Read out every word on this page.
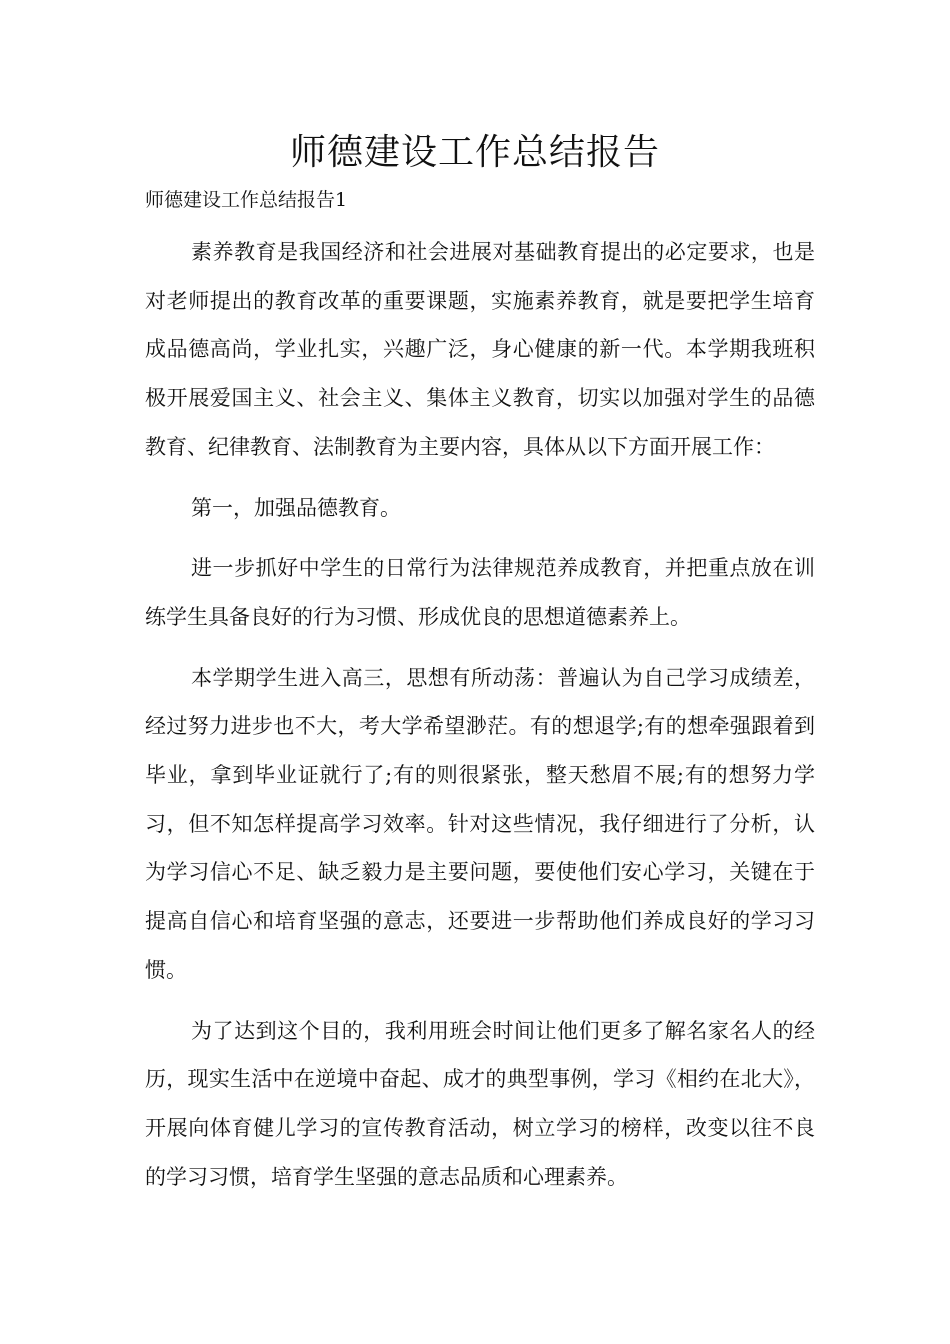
师德建设工作总结报告

师德建设工作总结报告1

素养教育是我国经济和社会进展对基础教育提出的必定要求，也是对老师提出的教育改革的重要课题，实施素养教育，就是要把学生培育成品德高尚，学业扎实，兴趣广泛，身心健康的新一代。本学期我班积极开展爱国主义、社会主义、集体主义教育，切实以加强对学生的品德教育、纪律教育、法制教育为主要内容，具体从以下方面开展工作：

第一，加强品德教育。

进一步抓好中学生的日常行为法律规范养成教育，并把重点放在训练学生具备良好的行为习惯、形成优良的思想道德素养上。

本学期学生进入高三，思想有所动荡：普遍认为自己学习成绩差，经过努力进步也不大，考大学希望渺茫。有的想退学;有的想牵强跟着到毕业，拿到毕业证就行了;有的则很紧张，整天愁眉不展;有的想努力学习，但不知怎样提高学习效率。针对这些情况，我仔细进行了分析，认为学习信心不足、缺乏毅力是主要问题，要使他们安心学习，关键在于提高自信心和培育坚强的意志，还要进一步帮助他们养成良好的学习习惯。

为了达到这个目的，我利用班会时间让他们更多了解名家名人的经历，现实生活中在逆境中奋起、成才的典型事例，学习《相约在北大》，开展向体育健儿学习的宣传教育活动，树立学习的榜样，改变以往不良的学习习惯，培育学生坚强的意志品质和心理素养。
